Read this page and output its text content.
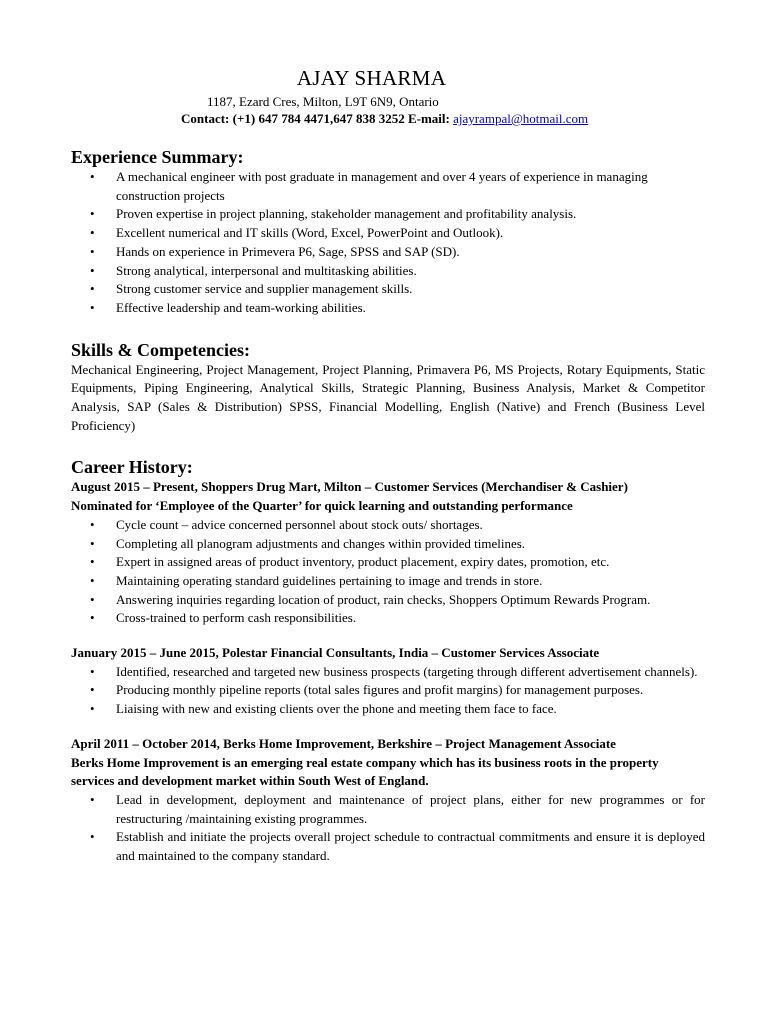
AJAY SHARMA
1187, Ezard Cres, Milton, L9T 6N9, Ontario
Contact: (+1) 647 784 4471,647 838 3252 E-mail: ajayrampal@hotmail.com
Experience Summary:
• A mechanical engineer with post graduate in management and over 4 years of experience in managing construction projects
• Proven expertise in project planning, stakeholder management and profitability analysis.
• Excellent numerical and IT skills (Word, Excel, PowerPoint and Outlook).
• Hands on experience in Primevera P6, Sage, SPSS and SAP (SD).
• Strong analytical, interpersonal and multitasking abilities.
• Strong customer service and supplier management skills.
• Effective leadership and team-working abilities.
Skills & Competencies:
Mechanical Engineering, Project Management, Project Planning, Primavera P6, MS Projects, Rotary Equipments, Static Equipments, Piping Engineering, Analytical Skills, Strategic Planning, Business Analysis, Market & Competitor Analysis, SAP (Sales & Distribution) SPSS, Financial Modelling, English (Native) and French (Business Level Proficiency)
Career History:
August 2015 – Present, Shoppers Drug Mart, Milton – Customer Services (Merchandiser & Cashier)
Nominated for ‘Employee of the Quarter’ for quick learning and outstanding performance
• Cycle count – advice concerned personnel about stock outs/ shortages.
• Completing all planogram adjustments and changes within provided timelines.
• Expert in assigned areas of product inventory, product placement, expiry dates, promotion, etc.
• Maintaining operating standard guidelines pertaining to image and trends in store.
• Answering inquiries regarding location of product, rain checks, Shoppers Optimum Rewards Program.
• Cross-trained to perform cash responsibilities.
January 2015 – June 2015, Polestar Financial Consultants, India – Customer Services Associate
• Identified, researched and targeted new business prospects (targeting through different advertisement channels).
• Producing monthly pipeline reports (total sales figures and profit margins) for management purposes.
• Liaising with new and existing clients over the phone and meeting them face to face.
April 2011 – October 2014, Berks Home Improvement, Berkshire – Project Management Associate
Berks Home Improvement is an emerging real estate company which has its business roots in the property services and development market within South West of England.
• Lead in development, deployment and maintenance of project plans, either for new programmes or for restructuring /maintaining existing programmes.
• Establish and initiate the projects overall project schedule to contractual commitments and ensure it is deployed and maintained to the company standard.
